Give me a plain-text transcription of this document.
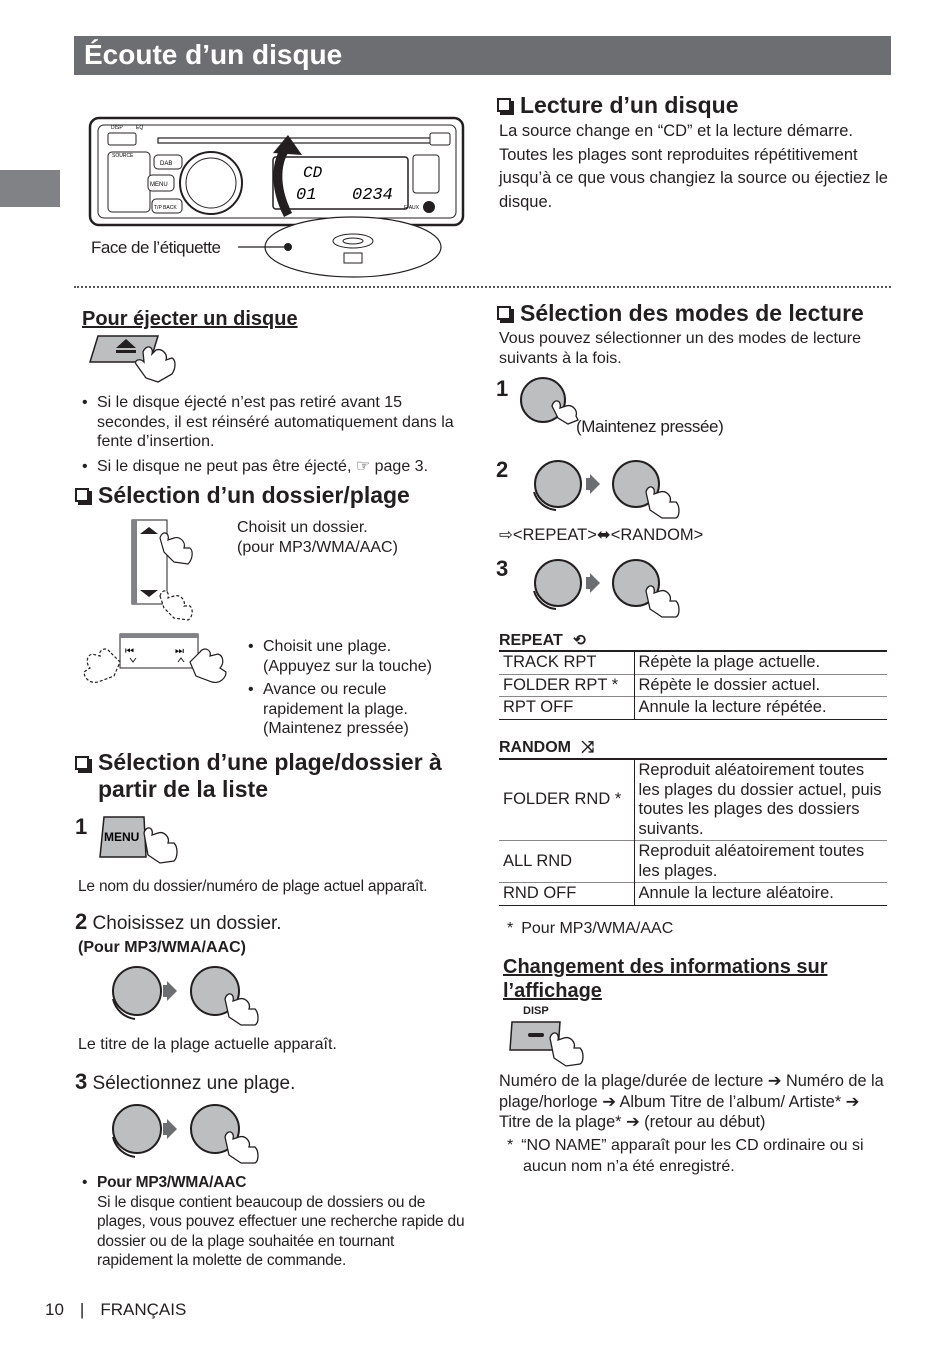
Écoute d’un disque
SOURCE
DISP	EQ
DAB
MENU
T/P BACK
CD
01 0234
F-AUX
Face de l’étiquette
Lecture d’un disque
La source change en “CD” et la lecture démarre. Toutes les plages sont reproduites répétitivement jusqu’à ce que vous changiez la source ou éjectiez le disque.
Pour éjecter un disque
• Si le disque éjecté n’est pas retiré avant 15 secondes, il est réinséré automatiquement dans la fente d’insertion.
• Si le disque ne peut pas être éjecté, ☞ page 3.
Sélection d’un dossier/plage
Choisit un dossier.
(pour MP3/WMA/AAC)
⏮	⏭	• Choisit une plage.
(Appuyez sur la touche)
• Avance ou recule rapidement la plage.
(Maintenez pressée)
Sélection d’une plage/dossier à partir de la liste
1 MENU
Le nom du dossier/numéro de plage actuel apparaît.
2 Choisissez un dossier.
(Pour MP3/WMA/AAC)
Le titre de la plage actuelle apparaît.
3 Sélectionnez une plage.
• Pour MP3/WMA/AAC
Si le disque contient beaucoup de dossiers ou de plages, vous pouvez effectuer une recherche rapide du dossier ou de la plage souhaitée en tournant rapidement la molette de commande.
Sélection des modes de lecture
Vous pouvez sélectionner un des modes de lecture suivants à la fois.
1
(Maintenez pressée)
2
⇨<REPEAT>⬌<RANDOM>
3
REPEAT ⟲
TRACK RPT	Répète la plage actuelle.
FOLDER RPT *	Répète le dossier actuel.
RPT OFF	Annule la lecture répétée.
RANDOM ⤨
FOLDER RND *	Reproduit aléatoirement toutes les plages du dossier actuel, puis toutes les plages des dossiers suivants.
ALL RND	Reproduit aléatoirement toutes les plages.
RND OFF	Annule la lecture aléatoire.
* Pour MP3/WMA/AAC
Changement des informations sur l’affichage
DISP
Numéro de la plage/durée de lecture ➔ Numéro de la plage/horloge ➔ Album Titre de l’album/ Artiste* ➔ Titre de la plage* ➔ (retour au début)
* “NO NAME” apparaît pour les CD ordinaire ou si aucun nom n’a été enregistré.
10 | FRANÇAIS
